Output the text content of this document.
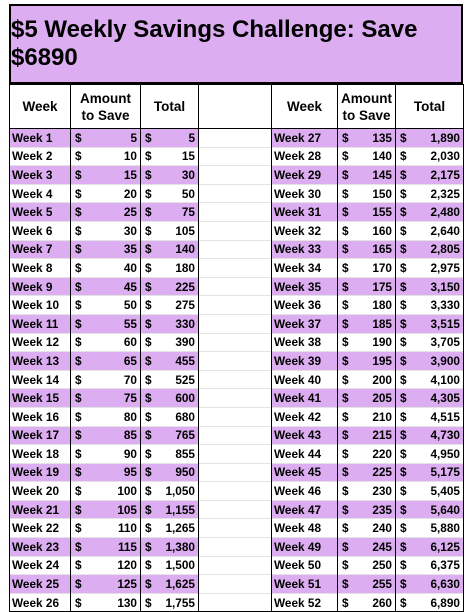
$5 Weekly Savings Challenge: Save $6890
Week	Amount
to Save	Total		Week	Amount
to Save	Total
Week 1	$ 5	$ 5		Week 27	$ 135	$ 1,890

Week 2	$ 10	$ 15		Week 28	$ 140	$ 2,030

Week 3	$ 15	$ 30		Week 29	$ 145	$ 2,175

Week 4	$ 20	$ 50		Week 30	$ 150	$ 2,325

Week 5	$ 25	$ 75		Week 31	$ 155	$ 2,480

Week 6	$ 30	$ 105		Week 32	$ 160	$ 2,640

Week 7	$ 35	$ 140		Week 33	$ 165	$ 2,805

Week 8	$ 40	$ 180		Week 34	$ 170	$ 2,975

Week 9	$ 45	$ 225		Week 35	$ 175	$ 3,150

Week 10	$ 50	$ 275		Week 36	$ 180	$ 3,330

Week 11	$ 55	$ 330		Week 37	$ 185	$ 3,515

Week 12	$ 60	$ 390		Week 38	$ 190	$ 3,705

Week 13	$ 65	$ 455		Week 39	$ 195	$ 3,900

Week 14	$ 70	$ 525		Week 40	$ 200	$ 4,100

Week 15	$ 75	$ 600		Week 41	$ 205	$ 4,305

Week 16	$ 80	$ 680		Week 42	$ 210	$ 4,515

Week 17	$ 85	$ 765		Week 43	$ 215	$ 4,730

Week 18	$ 90	$ 855		Week 44	$ 220	$ 4,950

Week 19	$ 95	$ 950		Week 45	$ 225	$ 5,175

Week 20	$ 100	$ 1,050		Week 46	$ 230	$ 5,405

Week 21	$ 105	$ 1,155		Week 47	$ 235	$ 5,640

Week 22	$ 110	$ 1,265		Week 48	$ 240	$ 5,880

Week 23	$ 115	$ 1,380		Week 49	$ 245	$ 6,125

Week 24	$ 120	$ 1,500		Week 50	$ 250	$ 6,375

Week 25	$ 125	$ 1,625		Week 51	$ 255	$ 6,630

Week 26	$ 130	$ 1,755		Week 52	$ 260	$ 6,890
